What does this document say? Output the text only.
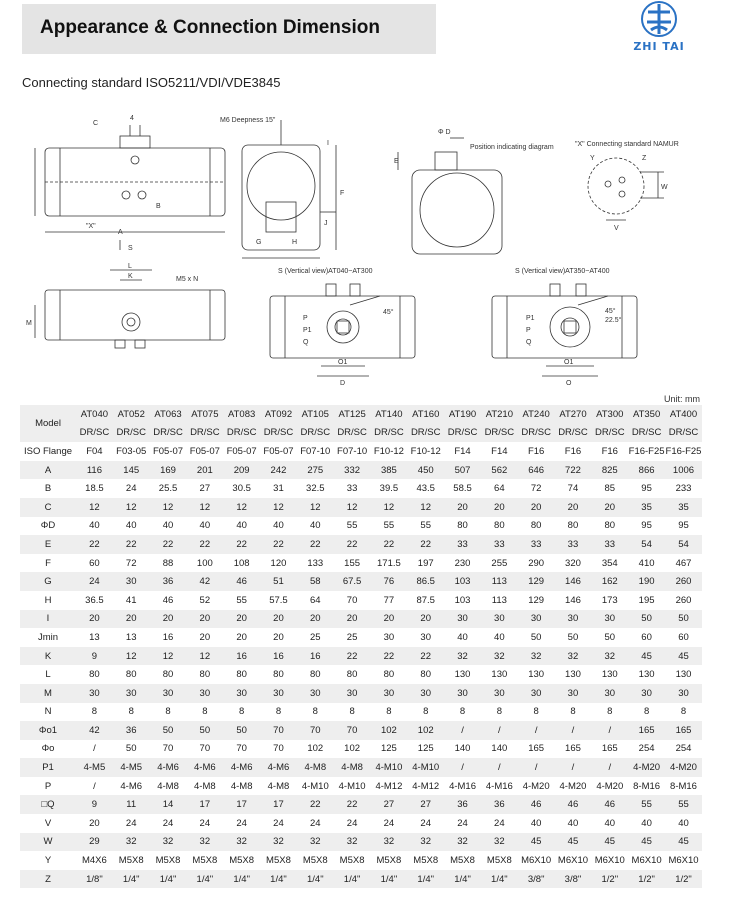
Appearance & Connection Dimension
ZHI TAI
Connecting standard ISO5211/VDI/VDE3845
M6 Deepness 15"
Φ D
Position indicating diagram	"X" Connecting standard NAMUR
S (Vertical view)AT040~AT300	S (Vertical view)AT350~AT400
M5 x N
45°	45°
22.5°
"X"
A
S
G	H
E
F
I
J
L
K
M
Y	Z
V
W
P
P1
Q
O1
D
P1
P
Q
O1
O
B
C
4
Unit: mm
Model	AT040	AT052	AT063	AT075	AT083	AT092	AT105	AT125	AT140	AT160	AT190	AT210	AT240	AT270	AT300	AT350	AT400
	DR/SC	DR/SC	DR/SC	DR/SC	DR/SC	DR/SC	DR/SC	DR/SC	DR/SC	DR/SC	DR/SC	DR/SC	DR/SC	DR/SC	DR/SC	DR/SC	DR/SC
ISO Flange	F04	F03-05	F05-07	F05-07	F05-07	F05-07	F07-10	F07-10	F10-12	F10-12	F14	F14	F16	F16	F16	F16-F25	F16-F25
A	116	145	169	201	209	242	275	332	385	450	507	562	646	722	825	866	1006
B	18.5	24	25.5	27	30.5	31	32.5	33	39.5	43.5	58.5	64	72	74	85	95	233
C	12	12	12	12	12	12	12	12	12	12	20	20	20	20	20	35	35
ΦD	40	40	40	40	40	40	40	55	55	55	80	80	80	80	80	95	95
E	22	22	22	22	22	22	22	22	22	22	33	33	33	33	33	54	54
F	60	72	88	100	108	120	133	155	171.5	197	230	255	290	320	354	410	467
G	24	30	36	42	46	51	58	67.5	76	86.5	103	113	129	146	162	190	260
H	36.5	41	46	52	55	57.5	64	70	77	87.5	103	113	129	146	173	195	260
I	20	20	20	20	20	20	20	20	20	20	30	30	30	30	30	50	50
Jmin	13	13	16	20	20	20	25	25	30	30	40	40	50	50	50	60	60
K	9	12	12	12	16	16	16	22	22	22	32	32	32	32	32	45	45
L	80	80	80	80	80	80	80	80	80	80	130	130	130	130	130	130	130
M	30	30	30	30	30	30	30	30	30	30	30	30	30	30	30	30	30
N	8	8	8	8	8	8	8	8	8	8	8	8	8	8	8	8	8
Φo1	42	36	50	50	50	70	70	70	102	102	/	/	/	/	/	165	165
Φo	/	50	70	70	70	70	102	102	125	125	140	140	165	165	165	254	254
P1	4-M5	4-M5	4-M6	4-M6	4-M6	4-M6	4-M8	4-M8	4-M10	4-M10	/	/	/	/	/	4-M20	4-M20
P	/	4-M6	4-M8	4-M8	4-M8	4-M8	4-M10	4-M10	4-M12	4-M12	4-M16	4-M16	4-M20	4-M20	4-M20	8-M16	8-M16
□Q	9	11	14	17	17	17	22	22	27	27	36	36	46	46	46	55	55
V	20	24	24	24	24	24	24	24	24	24	24	24	40	40	40	40	40
W	29	32	32	32	32	32	32	32	32	32	32	32	45	45	45	45	45
Y	M4X6	M5X8	M5X8	M5X8	M5X8	M5X8	M5X8	M5X8	M5X8	M5X8	M5X8	M5X8	M6X10	M6X10	M6X10	M6X10	M6X10
Z	1/8"	1/4"	1/4"	1/4"	1/4"	1/4"	1/4"	1/4"	1/4"	1/4"	1/4"	1/4"	3/8"	3/8"	1/2"	1/2"	1/2"
